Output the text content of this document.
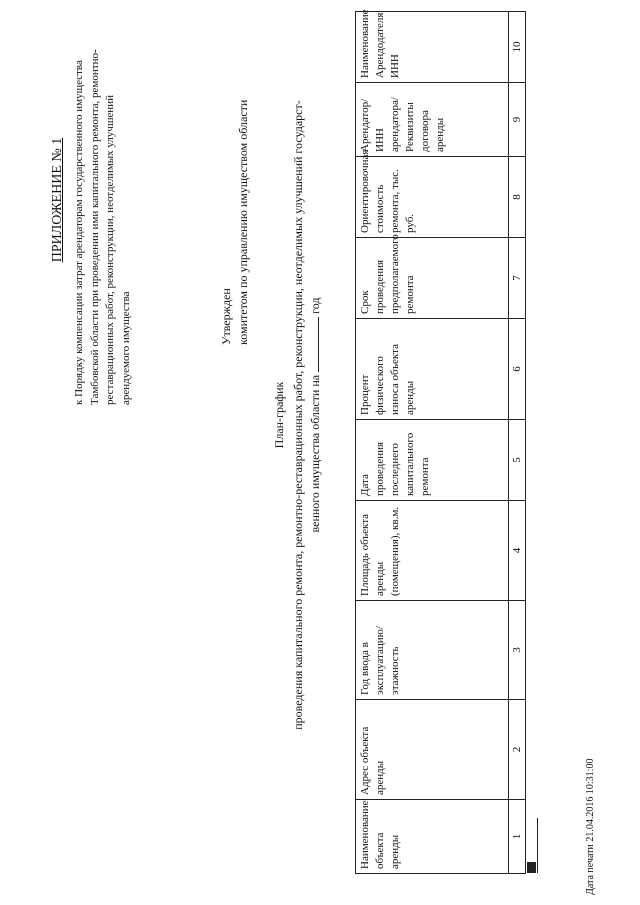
ПРИЛОЖЕНИЕ № 1 к Порядку компенсации затрат арендаторам государственного имущества Тамбовской области при проведении ими капитального ремонта, ремонтно-реставрационных работ, реконструкции, неотделимых улучшений арендуемого имущества	Утвержден комитетом по управлению имуществом области
План-график проведения капитального ремонта, ремонтно-реставрационных работ, реконструкции, неотделимых улучшений государст- венного имущества области на  год
Наименование объекта аренды	Адрес объекта аренды	Год ввода в эксплуатацию/ этажность	Площадь объекта аренды (помещения), кв.м.	Дата проведения последнего капитального ремонта	Процент физического износа объекта аренды	Срок проведения предполагаемого ремонта	Ориентировочная стоимость ремонта, тыс. руб.	Арендатор/ ИНН арендатора/ Реквизиты договора аренды	Наименование Арендодателя ИНН
1	2	3	4	5	6	7	8	9	10

Дата печати 21.04.2016 10:31:00
